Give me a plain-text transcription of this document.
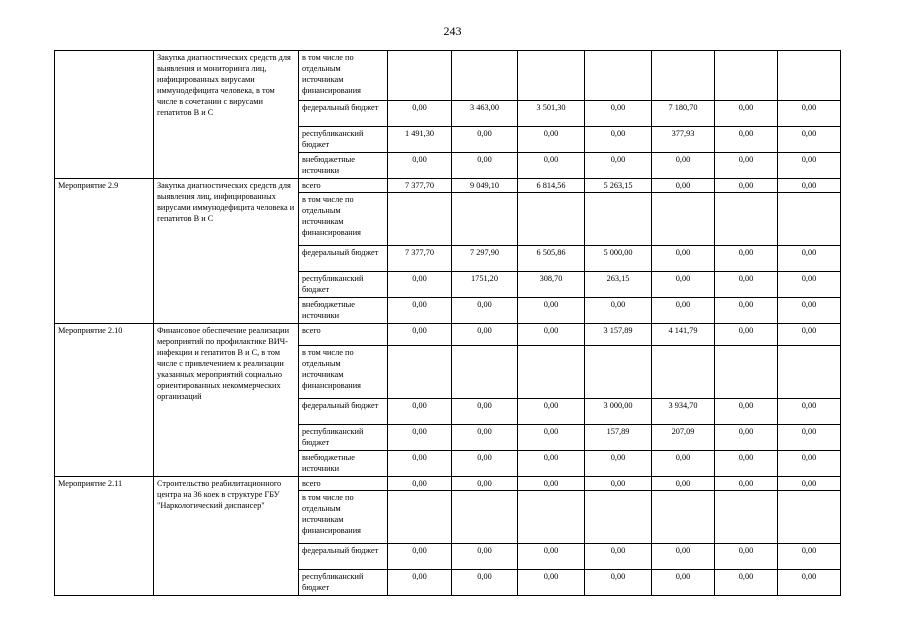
243
	Закупка диагностических средств для выявления и мониторинга лиц, инфицированных вирусами иммунодефицита человека, в том числе в сочетании с вирусами гепатитов В и С	в том числе по отдельным источникам финансирования							
		федеральный бюджет	0,00	3 463,00	3 501,30	0,00	7 180,70	0,00	0,00
		республиканский бюджет	1 491,30	0,00	0,00	0,00	377,93	0,00	0,00
		внебюджетные источники	0,00	0,00	0,00	0,00	0,00	0,00	0,00
Мероприятие 2.9	Закупка диагностических средств для выявления лиц, инфицированных вирусами иммунодефицита человека и гепатитов В и С	всего	7 377,70	9 049,10	6 814,56	5 263,15	0,00	0,00	0,00
		в том числе по отдельным источникам финансирования							
		федеральный бюджет	7 377,70	7 297,90	6 505,86	5 000,00	0,00	0,00	0,00
		республиканский бюджет	0,00	1751,20	308,70	263,15	0,00	0,00	0,00
		внебюджетные источники	0,00	0,00	0,00	0,00	0,00	0,00	0,00
Мероприятие 2.10	Финансовое обеспечение реализации мероприятий по профилактике ВИЧ-инфекции и гепатитов В и С, в том числе с привлечением к реализации указанных мероприятий социально ориентированных некоммерческих организаций	всего	0,00	0,00	0,00	3 157,89	4 141,79	0,00	0,00
		в том числе по отдельным источникам финансирования							
		федеральный бюджет	0,00	0,00	0,00	3 000,00	3 934,70	0,00	0,00
		республиканский бюджет	0,00	0,00	0,00	157,89	207,09	0,00	0,00
		внебюджетные источники	0,00	0,00	0,00	0,00	0,00	0,00	0,00
Мероприятие 2.11	Строительство реабилитационного центра на 36 коек в структуре ГБУ "Наркологический диспансер"	всего	0,00	0,00	0,00	0,00	0,00	0,00	0,00
		в том числе по отдельным источникам финансирования							
		федеральный бюджет	0,00	0,00	0,00	0,00	0,00	0,00	0,00
		республиканский бюджет	0,00	0,00	0,00	0,00	0,00	0,00	0,00
